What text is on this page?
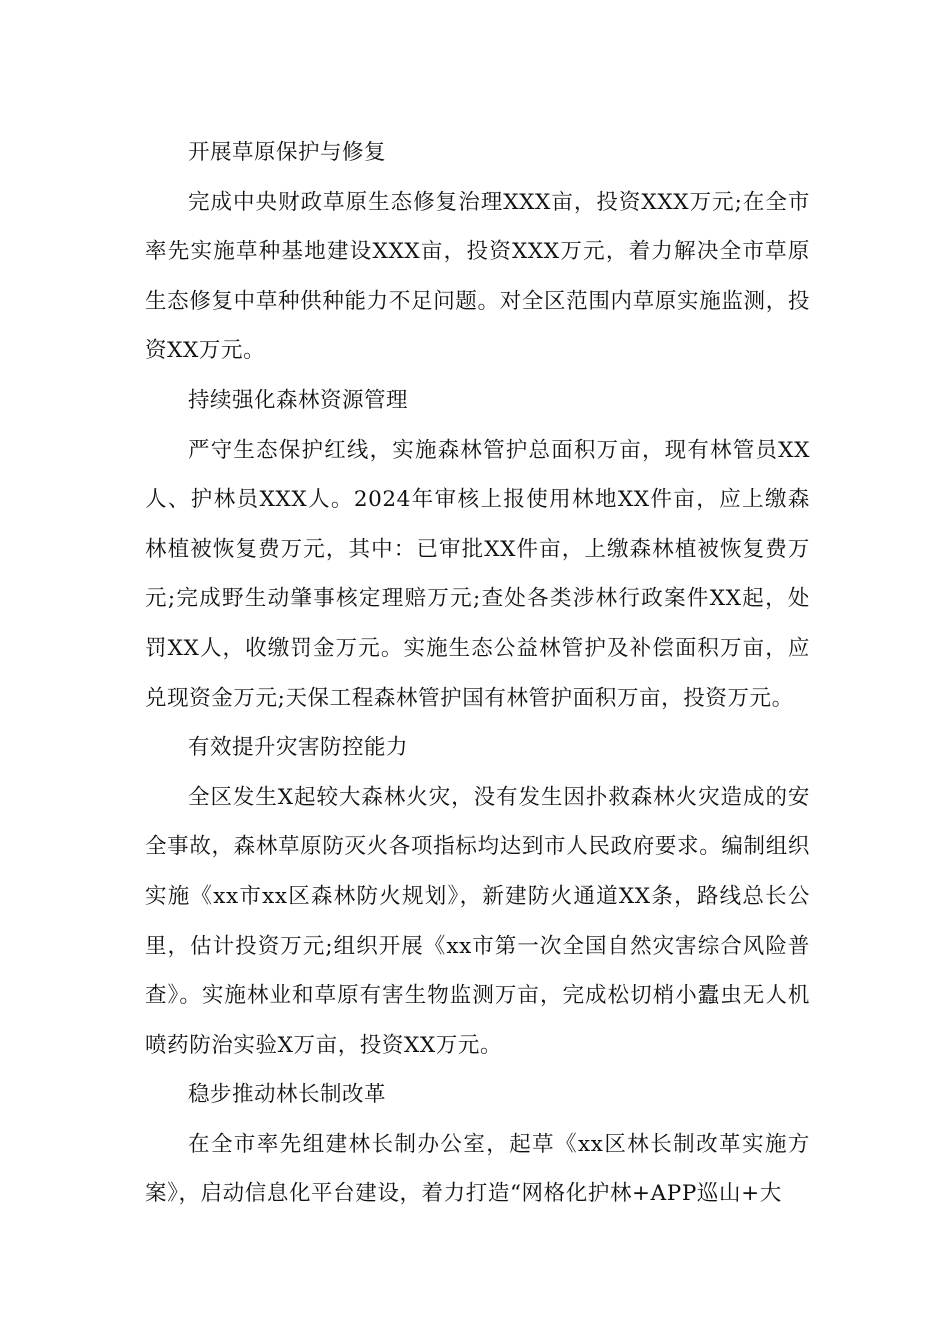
开展草原保护与修复

完成中央财政草原生态修复治理XXX亩，投资XXX万元;在全市率先实施草种基地建设XXX亩，投资XXX万元，着力解决全市草原生态修复中草种供种能力不足问题。对全区范围内草原实施监测，投资XX万元。

持续强化森林资源管理

严守生态保护红线，实施森林管护总面积万亩，现有林管员XX人、护林员XXX人。2024年审核上报使用林地XX件亩，应上缴森林植被恢复费万元，其中：已审批XX件亩，上缴森林植被恢复费万元;完成野生动肇事核定理赔万元;查处各类涉林行政案件XX起，处罚XX人，收缴罚金万元。实施生态公益林管护及补偿面积万亩，应兑现资金万元;天保工程森林管护国有林管护面积万亩，投资万元。

有效提升灾害防控能力

全区发生X起较大森林火灾，没有发生因扑救森林火灾造成的安全事故，森林草原防灭火各项指标均达到市人民政府要求。编制组织实施《xx市xx区森林防火规划》，新建防火通道XX条，路线总长公里，估计投资万元;组织开展《xx市第一次全国自然灾害综合风险普查》。实施林业和草原有害生物监测万亩，完成松切梢小蠹虫无人机喷药防治实验X万亩，投资XX万元。

稳步推动林长制改革

在全市率先组建林长制办公室，起草《xx区林长制改革实施方案》，启动信息化平台建设，着力打造“网格化护林+APP巡山+大
